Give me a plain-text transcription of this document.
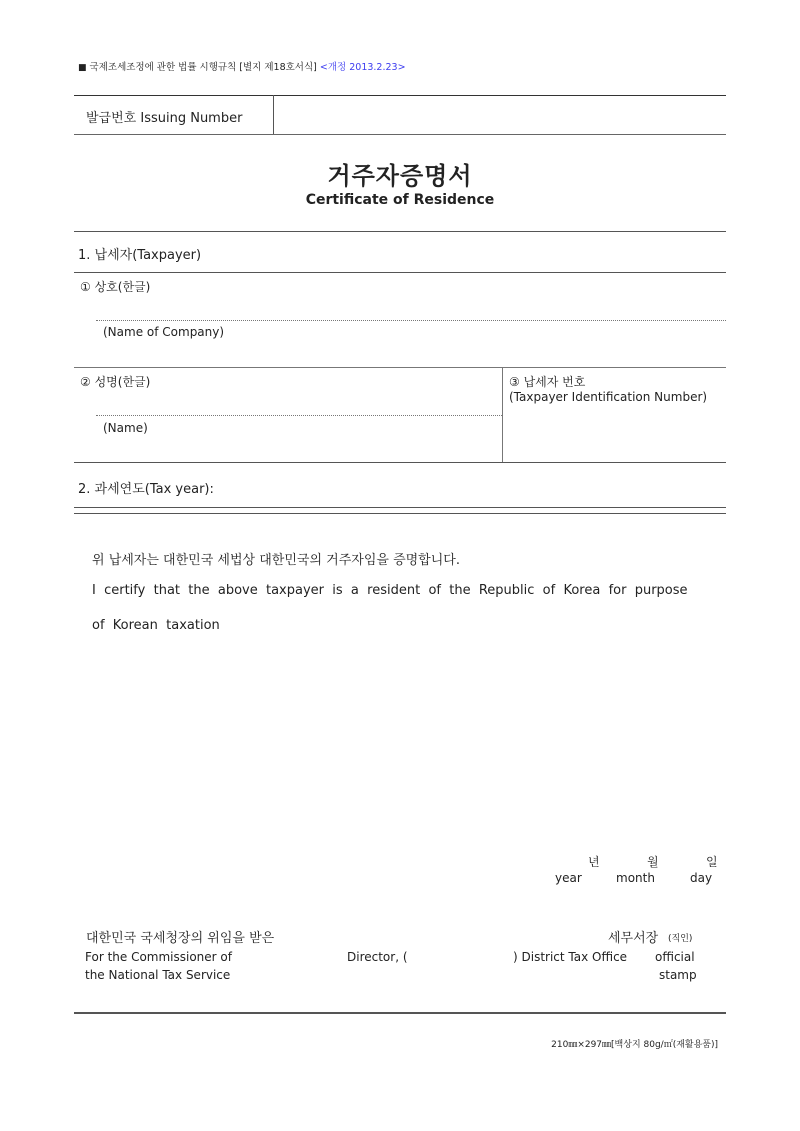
■ 국제조세조정에 관한 법률 시행규칙 [별지 제18호서식] <개정 2013.2.23>
발급번호 Issuing Number
거주자증명서
Certificate of Residence
1. 납세자(Taxpayer)
① 상호(한글)
(Name of Company)
② 성명(한글)
(Name)
③ 납세자 번호
(Taxpayer Identification Number)
2. 과세연도(Tax year):
위 납세자는 대한민국 세법상 대한민국의 거주자임을 증명합니다.
I  certify  that  the  above  taxpayer  is  a  resident  of  the  Republic  of  Korea  for  purpose
of  Korean  taxation
년	월	일
year	month	day
대한민국 국세청장의 위임을 받은	세무서장 (직인)
For the Commissioner of
the National Tax Service
Director, (	) District Tax Office official
stamp
210㎜×297㎜[백상지 80g/㎡(재활용품)]
